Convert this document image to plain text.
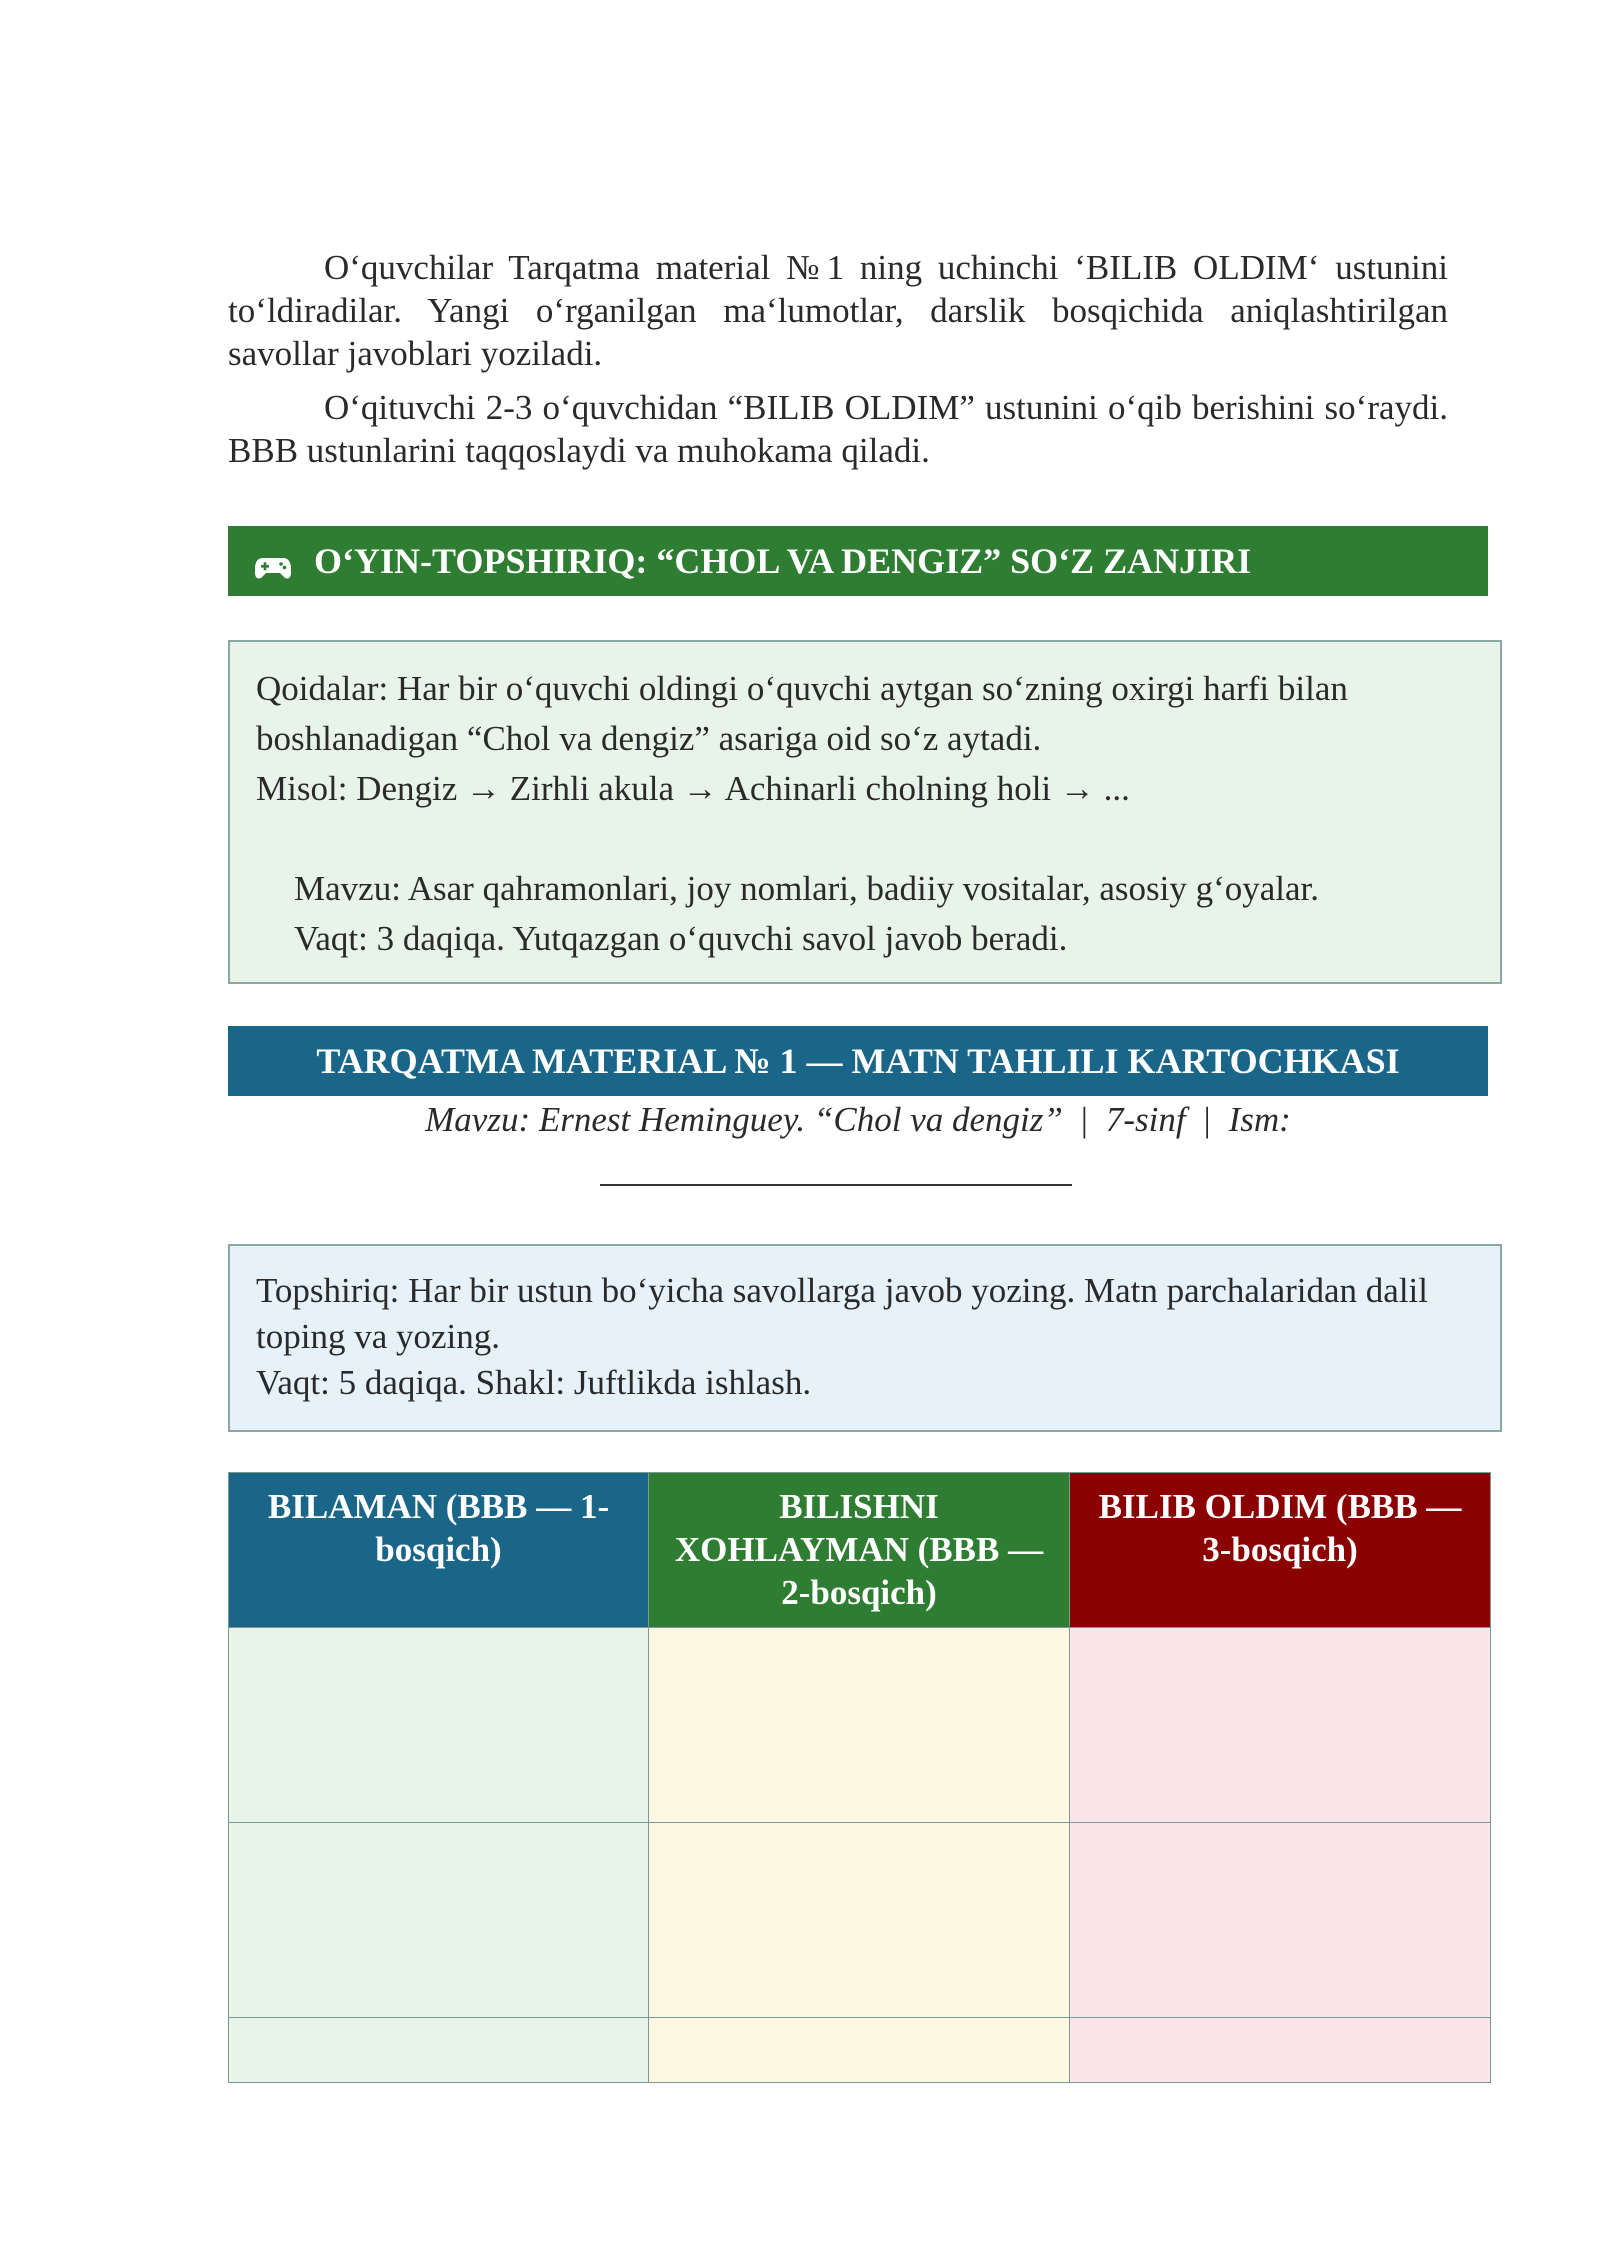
O‘quvchilar Tarqatma material №1 ning uchinchi ‘BILIB OLDIM‘ ustunini to‘ldiradilar. Yangi o‘rganilgan ma‘lumotlar, darslik bosqichida aniqlashtirilgan savollar javoblari yoziladi.

O‘qituvchi 2-3 o‘quvchidan “BILIB OLDIM” ustunini o‘qib berishini so‘raydi. BBB ustunlarini taqqoslaydi va muhokama qiladi.

O‘YIN-TOPSHIRIQ: “CHOL VA DENGIZ” SO‘Z ZANJIRI

Qoidalar: Har bir o‘quvchi oldingi o‘quvchi aytgan so‘zning oxirgi harfi bilan

boshlanadigan “Chol va dengiz” asariga oid so‘z aytadi.

Misol: Dengiz → Zirhli akula → Achinarli cholning holi → ...

Mavzu: Asar qahramonlari, joy nomlari, badiiy vositalar, asosiy g‘oyalar.

Vaqt: 3 daqiqa. Yutqazgan o‘quvchi savol javob beradi.

TARQATMA MATERIAL № 1 — MATN TAHLILI KARTOCHKASI
Mavzu: Ernest Heminguey. “Chol va dengiz” | 7-sinf | Ism:

Topshiriq: Har bir ustun bo‘yicha savollarga javob yozing. Matn parchalaridan dalil toping va yozing.

Vaqt: 5 daqiqa. Shakl: Juftlikda ishlash.

BILAMAN (BBB — 1-bosqich)	BILISHNI XOHLAYMAN (BBB — 2-bosqich)	BILIB OLDIM (BBB — 3-bosqich)
